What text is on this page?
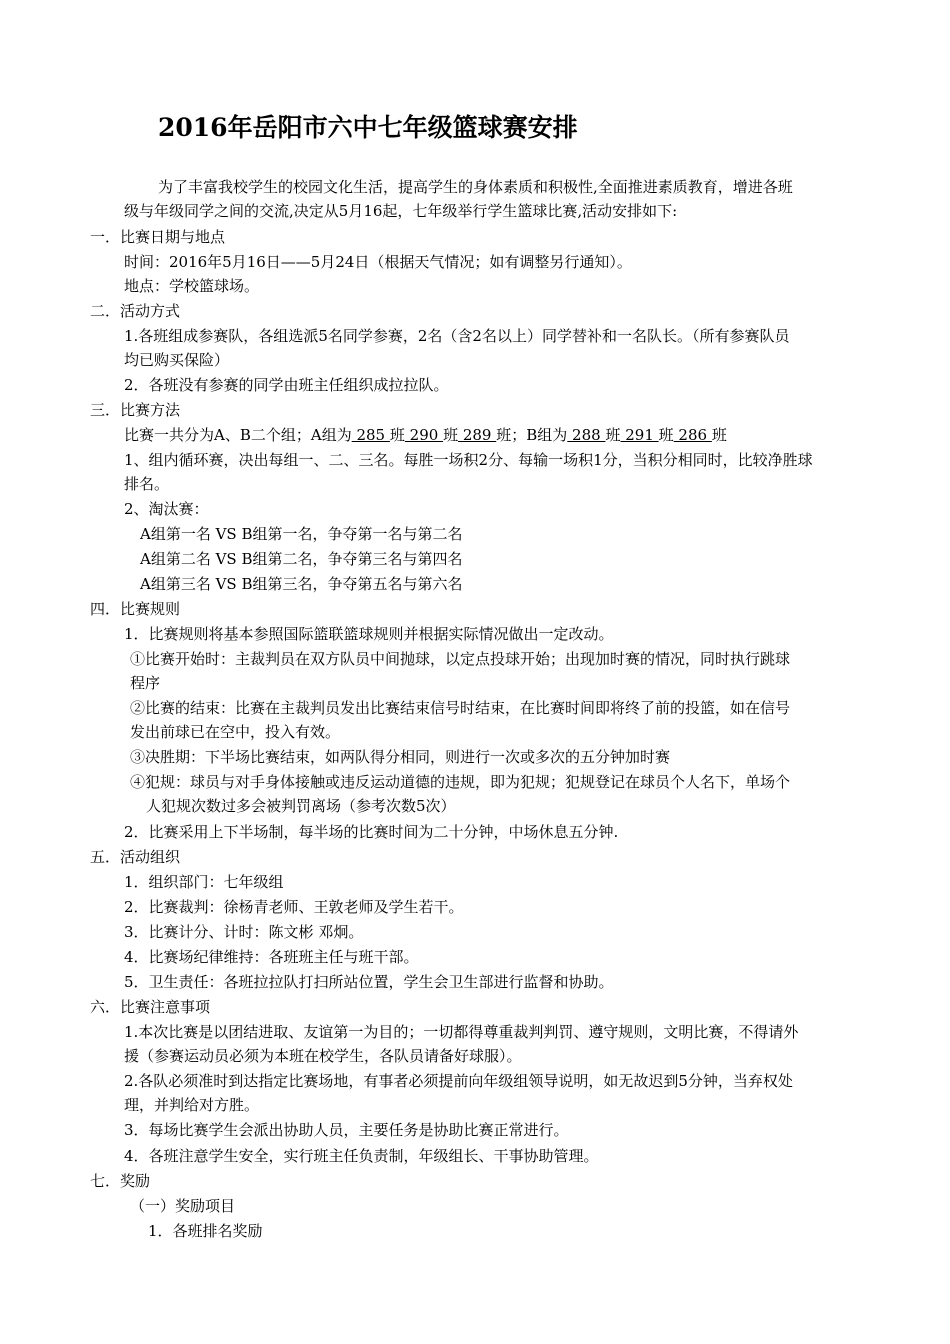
2016年岳阳市六中七年级篮球赛安排
为了丰富我校学生的校园文化生活，提高学生的身体素质和积极性,全面推进素质教育，增进各班
级与年级同学之间的交流,决定从5月16起，七年级举行学生篮球比赛,活动安排如下:
一．比赛日期与地点
时间：2016年5月16日——5月24日（根据天气情况；如有调整另行通知）。
地点：学校篮球场。
二．活动方式
1.各班组成参赛队，各组选派5名同学参赛，2名（含2名以上）同学替补和一名队长。（所有参赛队员
均已购买保险）
2．各班没有参赛的同学由班主任组织成拉拉队。
三．比赛方法
比赛一共分为A、B二个组；A组为 285 班 290 班 289 班；B组为 288 班 291 班 286 班
1、组内循环赛，决出每组一、二、三名。每胜一场积2分、每输一场积1分，当积分相同时，比较净胜球
排名。
2、淘汰赛：
A组第一名 VS B组第一名，争夺第一名与第二名
A组第二名 VS B组第二名，争夺第三名与第四名
A组第三名 VS B组第三名，争夺第五名与第六名
四．比赛规则
1．比赛规则将基本参照国际篮联篮球规则并根据实际情况做出一定改动。
①比赛开始时：主裁判员在双方队员中间抛球，以定点投球开始；出现加时赛的情况，同时执行跳球
程序
②比赛的结束：比赛在主裁判员发出比赛结束信号时结束，在比赛时间即将终了前的投篮，如在信号
发出前球已在空中，投入有效。
③决胜期：下半场比赛结束，如两队得分相同，则进行一次或多次的五分钟加时赛
④犯规：球员与对手身体接触或违反运动道德的违规，即为犯规；犯规登记在球员个人名下，单场个
人犯规次数过多会被判罚离场（参考次数5次）
2．比赛采用上下半场制，每半场的比赛时间为二十分钟，中场休息五分钟.
五．活动组织
1．组织部门：七年级组
2．比赛裁判：徐杨青老师、王敦老师及学生若干。
3．比赛计分、计时：陈文彬 邓炯。
4．比赛场纪律维持：各班班主任与班干部。
5．卫生责任：各班拉拉队打扫所站位置，学生会卫生部进行监督和协助。
六．比赛注意事项
1.本次比赛是以团结进取、友谊第一为目的；一切都得尊重裁判判罚、遵守规则，文明比赛，不得请外
援（参赛运动员必须为本班在校学生，各队员请备好球服）。
2.各队必须准时到达指定比赛场地，有事者必须提前向年级组领导说明，如无故迟到5分钟，当弃权处
理，并判给对方胜。
3．每场比赛学生会派出协助人员，主要任务是协助比赛正常进行。
4．各班注意学生安全，实行班主任负责制，年级组长、干事协助管理。
七．奖励
（一）奖励项目
1．各班排名奖励
